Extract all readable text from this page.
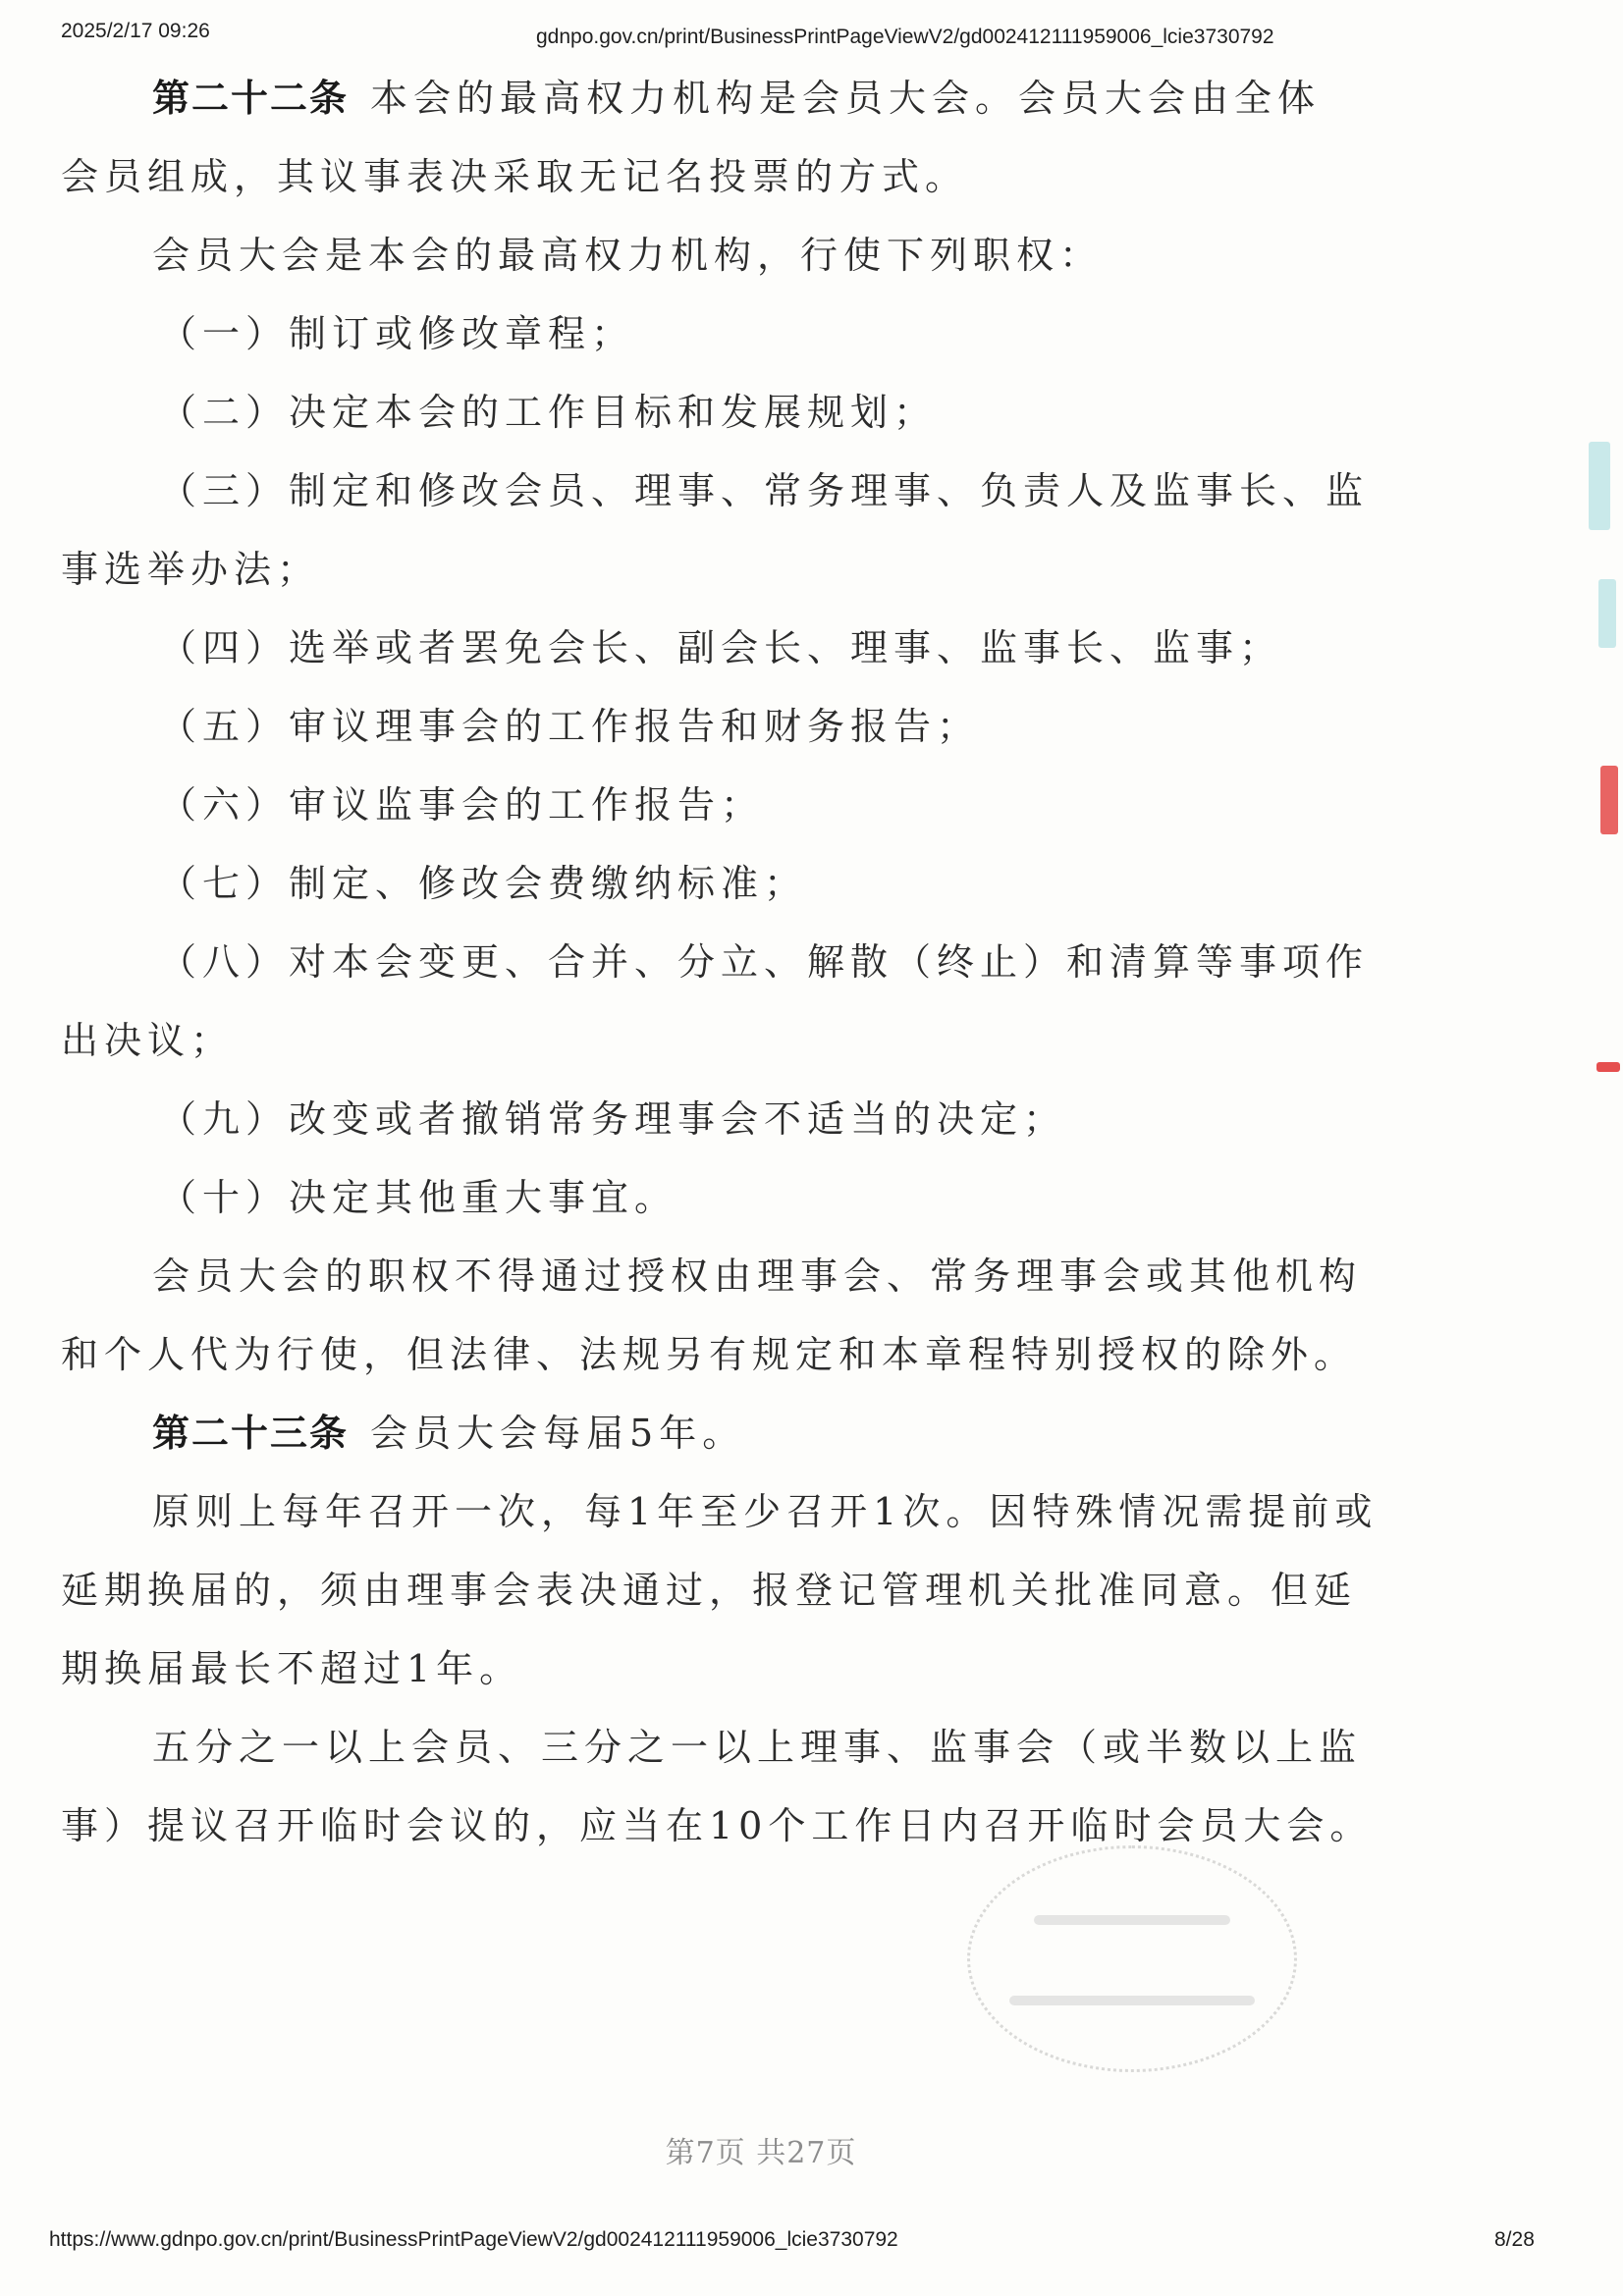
2025/2/17 09:26	gdnpo.gov.cn/print/BusinessPrintPageViewV2/gd002412111959006_lcie3730792
第二十二条 本会的最高权力机构是会员大会。会员大会由全体
会员组成，其议事表决采取无记名投票的方式。
会员大会是本会的最高权力机构，行使下列职权：
（一）制订或修改章程；
（二）决定本会的工作目标和发展规划；
（三）制定和修改会员、理事、常务理事、负责人及监事长、监
事选举办法；
（四）选举或者罢免会长、副会长、理事、监事长、监事；
（五）审议理事会的工作报告和财务报告；
（六）审议监事会的工作报告；
（七）制定、修改会费缴纳标准；
（八）对本会变更、合并、分立、解散（终止）和清算等事项作
出决议；
（九）改变或者撤销常务理事会不适当的决定；
（十）决定其他重大事宜。
会员大会的职权不得通过授权由理事会、常务理事会或其他机构
和个人代为行使，但法律、法规另有规定和本章程特别授权的除外。
第二十三条 会员大会每届5年。
原则上每年召开一次，每1年至少召开1次。因特殊情况需提前或
延期换届的，须由理事会表决通过，报登记管理机关批准同意。但延
期换届最长不超过1年。
五分之一以上会员、三分之一以上理事、监事会（或半数以上监
事）提议召开临时会议的，应当在10个工作日内召开临时会员大会。
第7页 共27页
https://www.gdnpo.gov.cn/print/BusinessPrintPageViewV2/gd002412111959006_lcie3730792	8/28
